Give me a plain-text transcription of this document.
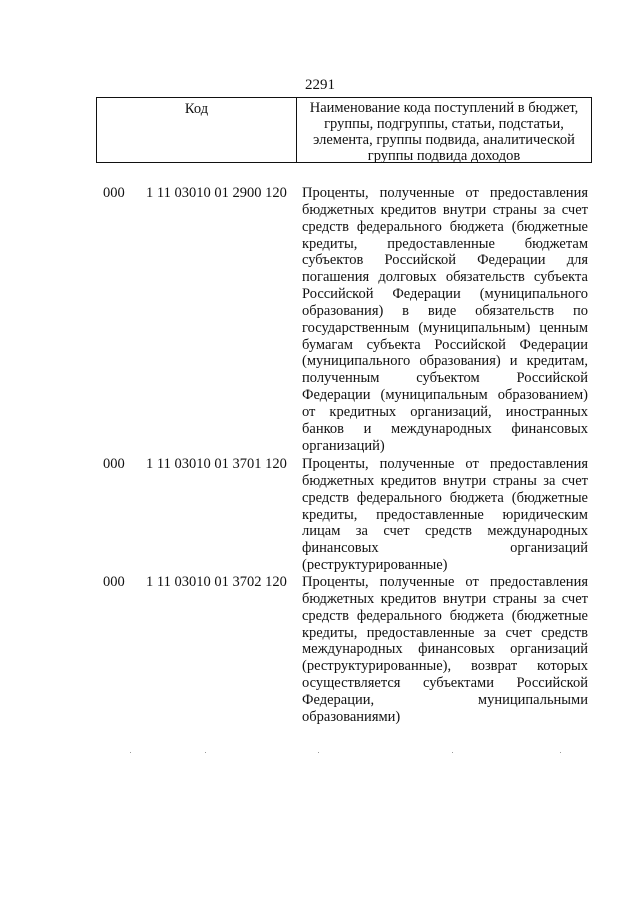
2291
Код	Наименование кода поступлений в бюджет, группы, подгруппы, статьи, подстатьи, элемента, группы подвида, аналитической группы подвида доходов
000 1 11 03010 01 2900 120 Проценты, полученные от предоставления бюджетных кредитов внутри страны за счет средств федерального бюджета (бюджетные кредиты, предоставленные бюджетам субъектов Российской Федерации для погашения долговых обязательств субъекта Российской Федерации (муниципального образования) в виде обязательств по государственным (муниципальным) ценным бумагам субъекта Российской Федерации (муниципального образования) и кредитам, полученным субъектом Российской Федерации (муниципальным образованием) от кредитных организаций, иностранных банков и международных финансовых организаций)
000 1 11 03010 01 3701 120 Проценты, полученные от предоставления бюджетных кредитов внутри страны за счет средств федерального бюджета (бюджетные кредиты, предоставленные юридическим лицам за счет средств международных финансовых организаций (реструктурированные)
000 1 11 03010 01 3702 120 Проценты, полученные от предоставления бюджетных кредитов внутри страны за счет средств федерального бюджета (бюджетные кредиты, предоставленные за счет средств международных финансовых организаций (реструктурированные), возврат которых осуществляется субъектами Российской Федерации, муниципальными образованиями)
